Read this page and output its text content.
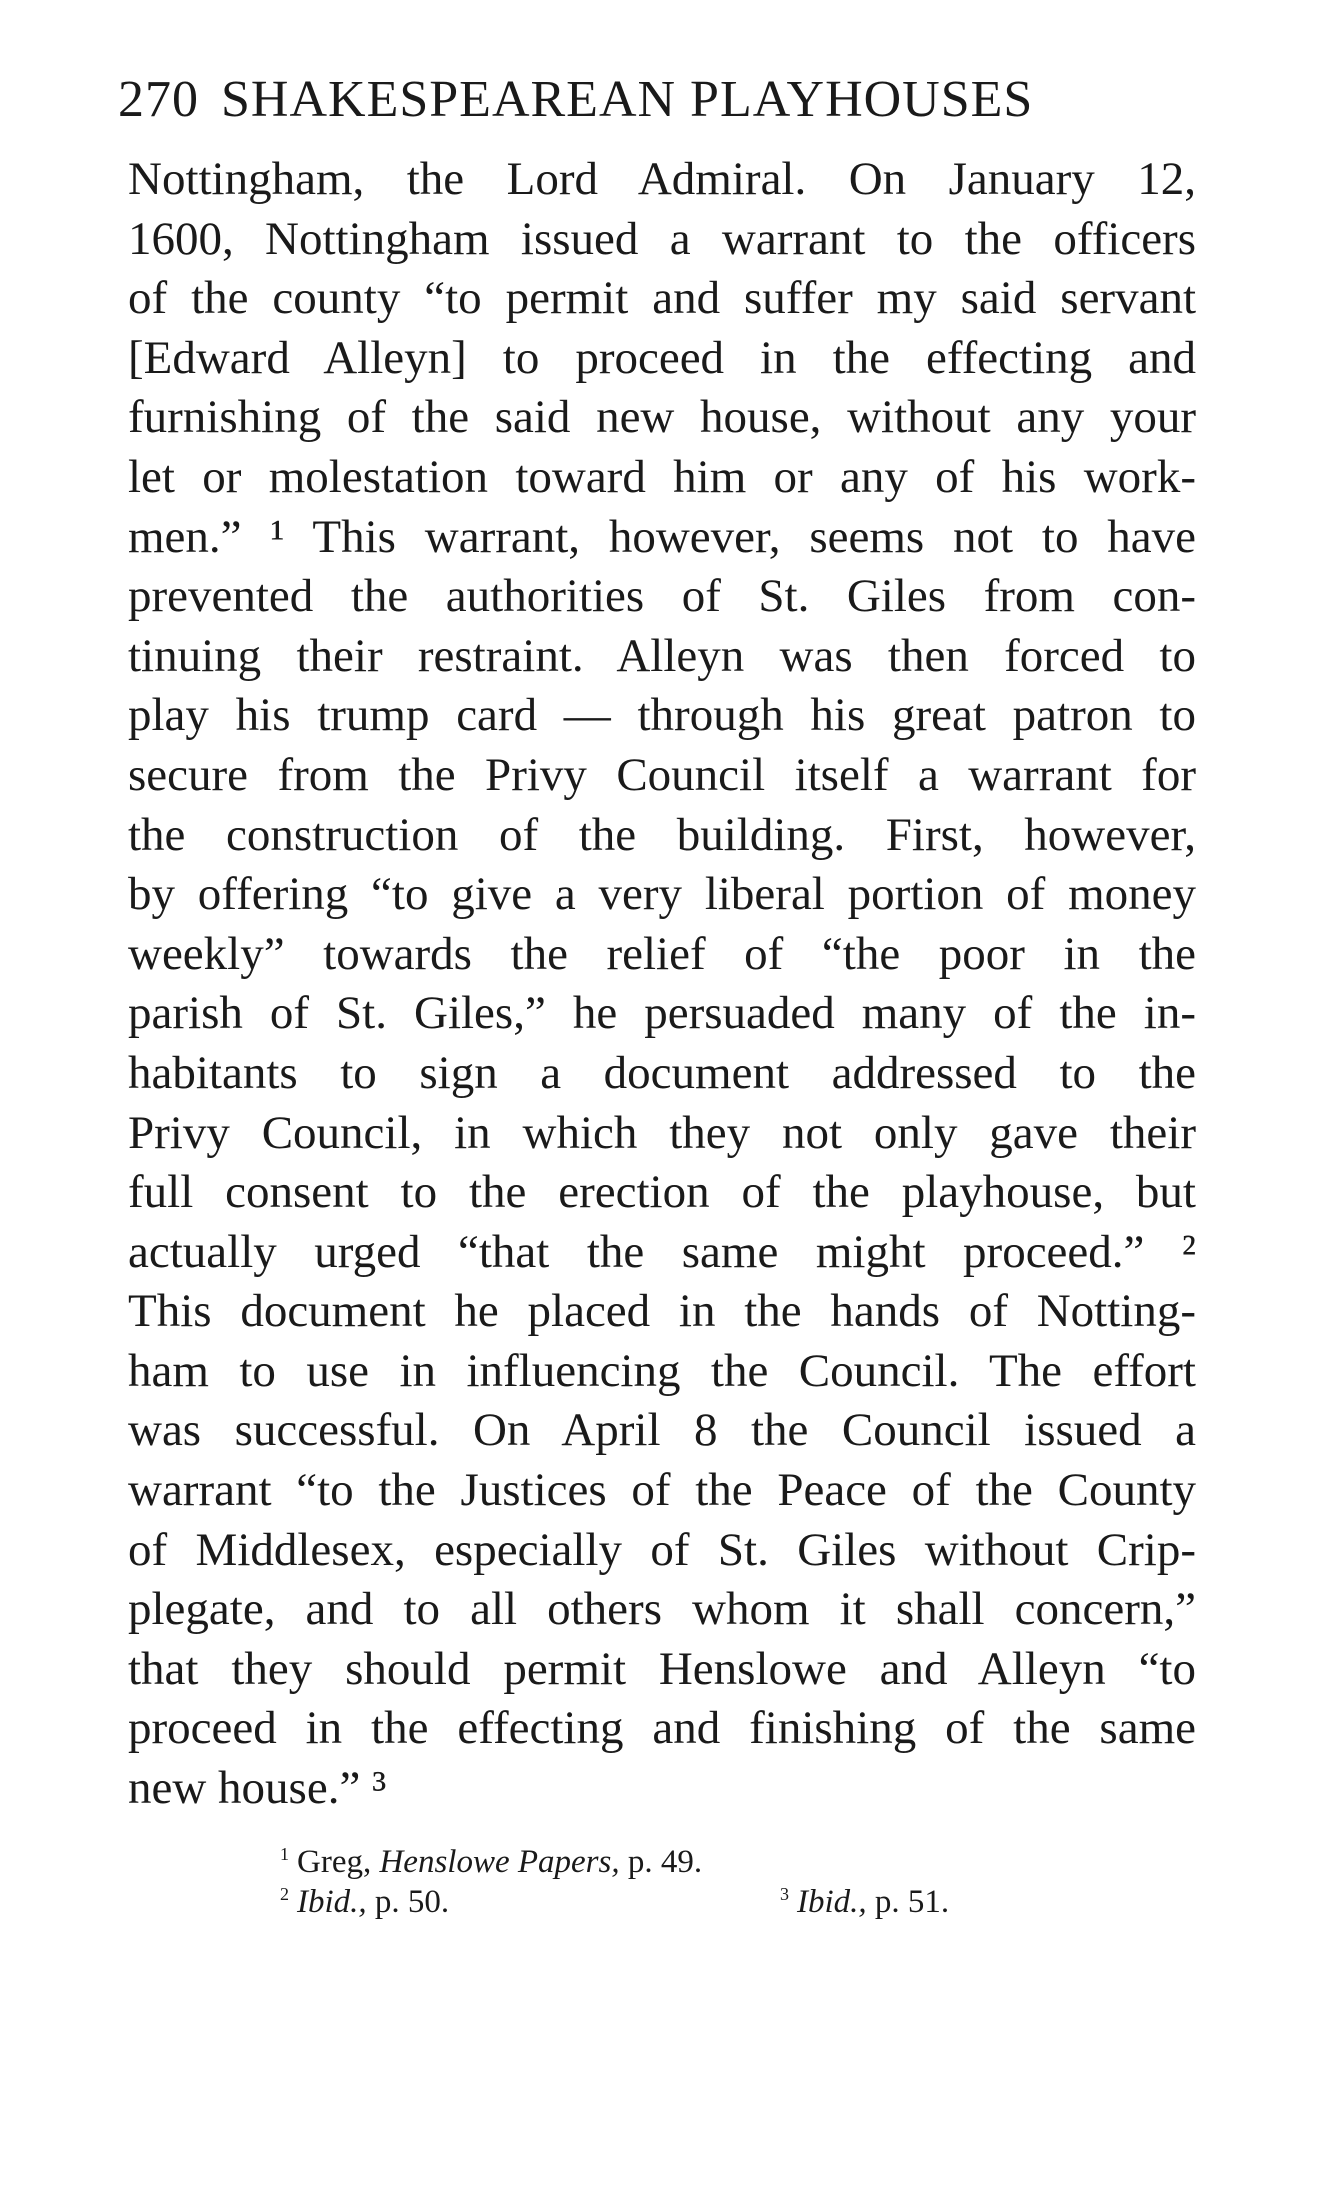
270 SHAKESPEAREAN PLAYHOUSES
Nottingham, the Lord Admiral. On January 12,
1600, Nottingham issued a warrant to the officers
of the county “to permit and suffer my said servant
[Edward Alleyn] to proceed in the effecting and
furnishing of the said new house, without any your
let or molestation toward him or any of his work-
men.” ¹ This warrant, however, seems not to have
prevented the authorities of St. Giles from con-
tinuing their restraint. Alleyn was then forced to
play his trump card — through his great patron to
secure from the Privy Council itself a warrant for
the construction of the building. First, however,
by offering “to give a very liberal portion of money
weekly” towards the relief of “the poor in the
parish of St. Giles,” he persuaded many of the in-
habitants to sign a document addressed to the
Privy Council, in which they not only gave their
full consent to the erection of the playhouse, but
actually urged “that the same might proceed.” ²
This document he placed in the hands of Notting-
ham to use in influencing the Council. The effort
was successful. On April 8 the Council issued a
warrant “to the Justices of the Peace of the County
of Middlesex, especially of St. Giles without Crip-
plegate, and to all others whom it shall concern,”
that they should permit Henslowe and Alleyn “to
proceed in the effecting and finishing of the same
new house.” ³
$^1$ Greg, Henslowe Papers, p. 49.
$^2$ Ibid., p. 50.	$^3$ Ibid., p. 51.
